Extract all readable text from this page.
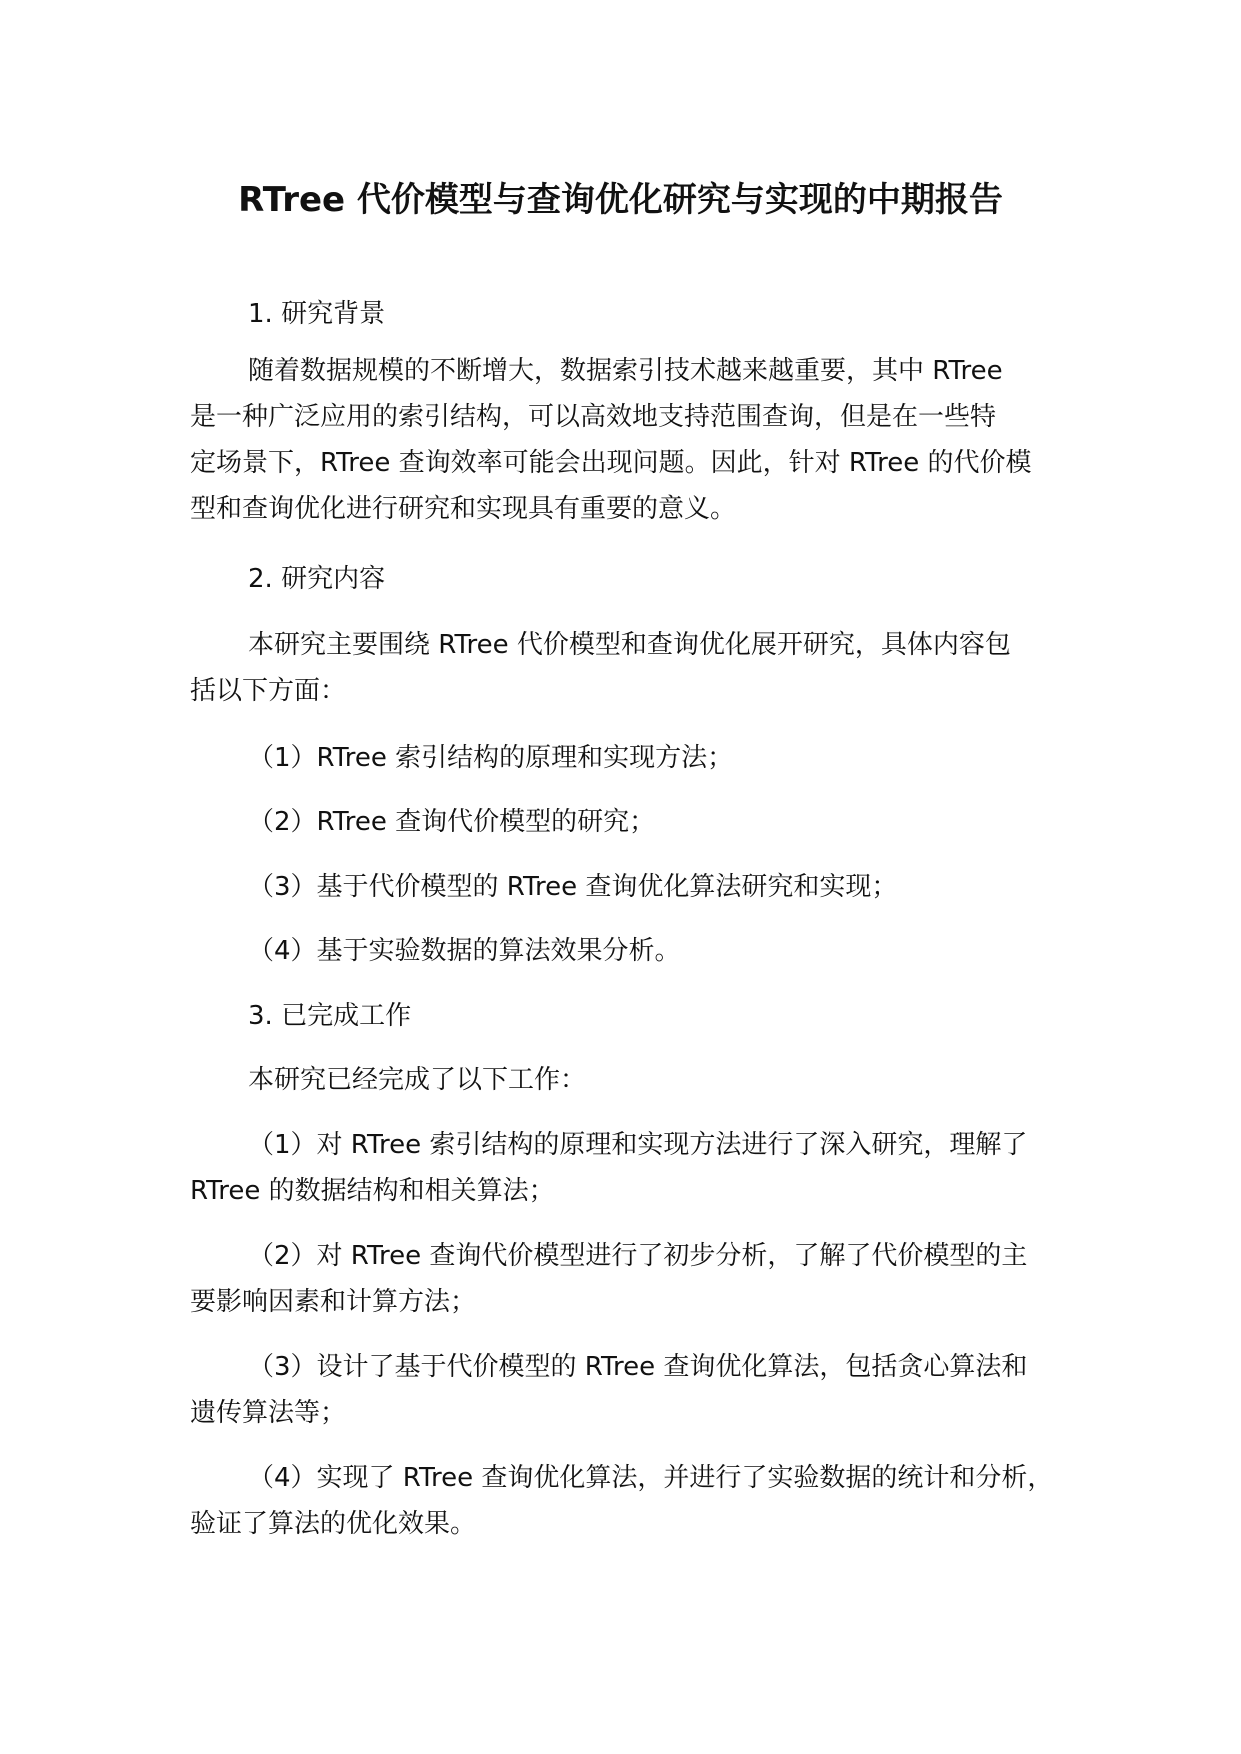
RTree 代价模型与查询优化研究与实现的中期报告
1. 研究背景
随着数据规模的不断增大，数据索引技术越来越重要，其中 RTree
是一种广泛应用的索引结构，可以高效地支持范围查询，但是在一些特
定场景下，RTree 查询效率可能会出现问题。因此，针对 RTree 的代价模
型和查询优化进行研究和实现具有重要的意义。
2. 研究内容
本研究主要围绕 RTree 代价模型和查询优化展开研究，具体内容包
括以下方面：
（1）RTree 索引结构的原理和实现方法；
（2）RTree 查询代价模型的研究；
（3）基于代价模型的 RTree 查询优化算法研究和实现；
（4）基于实验数据的算法效果分析。
3. 已完成工作
本研究已经完成了以下工作：
（1）对 RTree 索引结构的原理和实现方法进行了深入研究，理解了
RTree 的数据结构和相关算法；
（2）对 RTree 查询代价模型进行了初步分析，了解了代价模型的主
要影响因素和计算方法；
（3）设计了基于代价模型的 RTree 查询优化算法，包括贪心算法和
遗传算法等；
（4）实现了 RTree 查询优化算法，并进行了实验数据的统计和分析，
验证了算法的优化效果。
